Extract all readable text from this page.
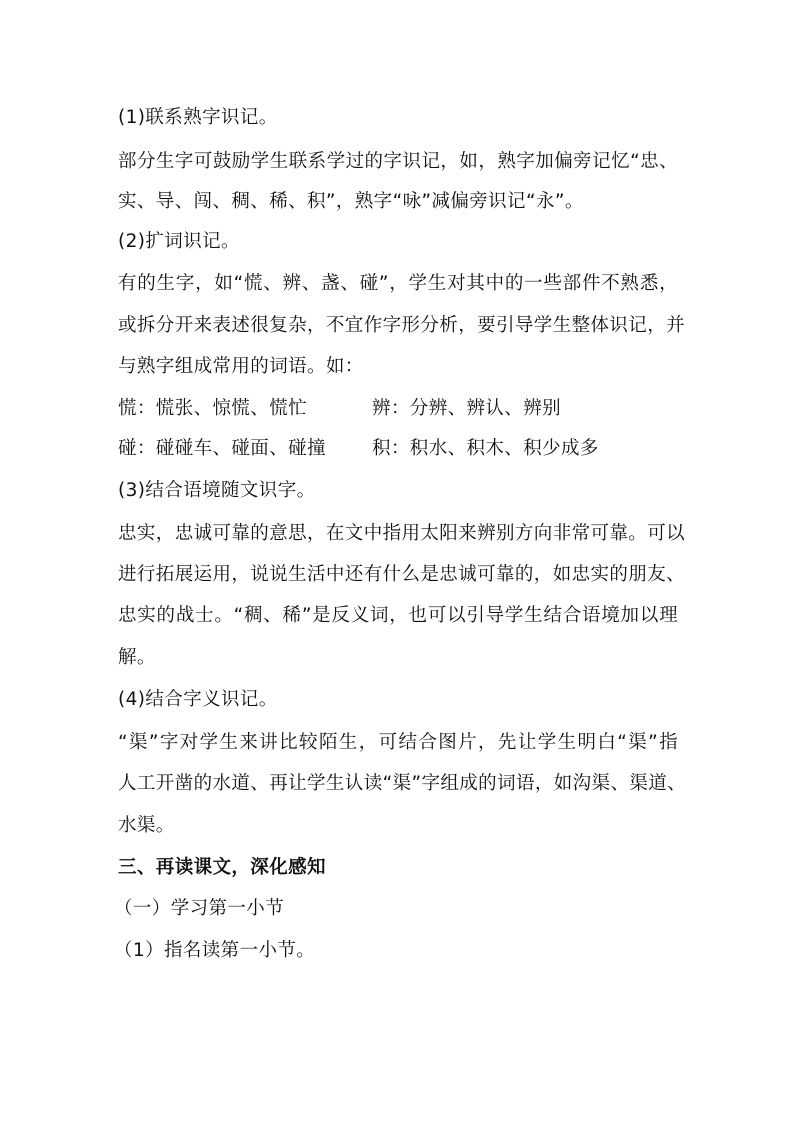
(1)联系熟字识记。
部分生字可鼓励学生联系学过的字识记，如，熟字加偏旁记忆“忠、
实、导、闯、稠、稀、积”，熟字“咏”减偏旁识记“永”。
(2)扩词识记。
有的生字，如“慌、辨、盏、碰”，学生对其中的一些部件不熟悉，
或拆分开来表述很复杂，不宜作字形分析，要引导学生整体识记，并
与熟字组成常用的词语。如：
慌：慌张、惊慌、慌忙	辨：分辨、辨认、辨别
碰：碰碰车、碰面、碰撞 积：积水、积木、积少成多
(3)结合语境随文识字。
忠实，忠诚可靠的意思，在文中指用太阳来辨别方向非常可靠。可以
进行拓展运用，说说生活中还有什么是忠诚可靠的，如忠实的朋友、
忠实的战士。“稠、稀”是反义词，也可以引导学生结合语境加以理
解。
(4)结合字义识记。
“渠”字对学生来讲比较陌生，可结合图片，先让学生明白“渠”指
人工开凿的水道、再让学生认读“渠”字组成的词语，如沟渠、渠道、
水渠。
三、再读课文，深化感知
（一）学习第一小节
（1）指名读第一小节。
